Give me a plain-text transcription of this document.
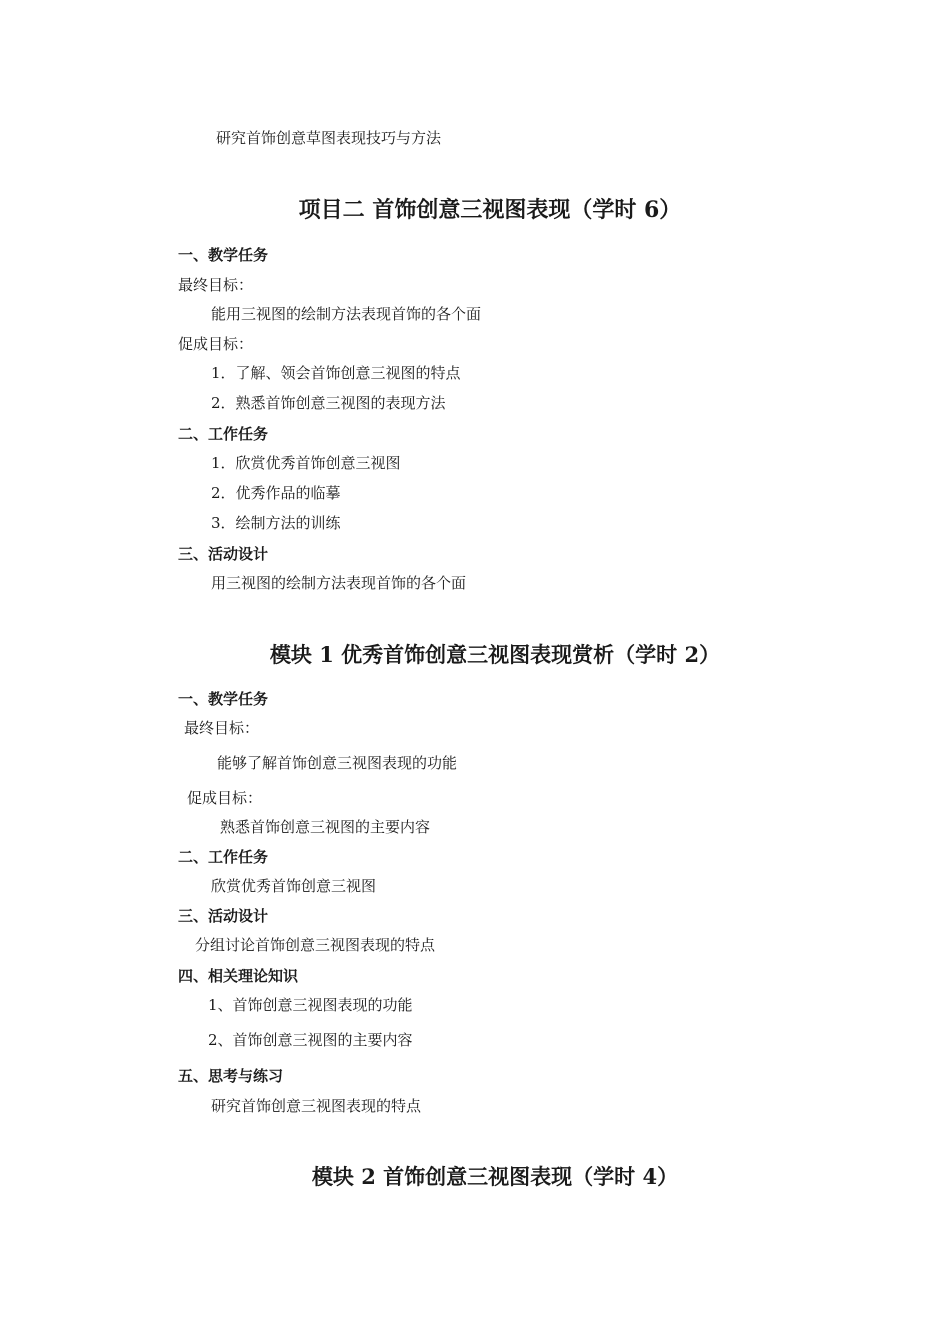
研究首饰创意草图表现技巧与方法
项目二 首饰创意三视图表现（学时 6）
一、教学任务
最终目标：
能用三视图的绘制方法表现首饰的各个面
促成目标：
1．了解、领会首饰创意三视图的特点
2．熟悉首饰创意三视图的表现方法
二、工作任务
1．欣赏优秀首饰创意三视图
2．优秀作品的临摹
3．绘制方法的训练
三、活动设计
用三视图的绘制方法表现首饰的各个面
模块 1 优秀首饰创意三视图表现赏析（学时 2）
一、教学任务
最终目标：
能够了解首饰创意三视图表现的功能
促成目标：
熟悉首饰创意三视图的主要内容
二、工作任务
欣赏优秀首饰创意三视图
三、活动设计
分组讨论首饰创意三视图表现的特点
四、相关理论知识
1、首饰创意三视图表现的功能
2、首饰创意三视图的主要内容
五、思考与练习
研究首饰创意三视图表现的特点
模块 2 首饰创意三视图表现（学时 4）
